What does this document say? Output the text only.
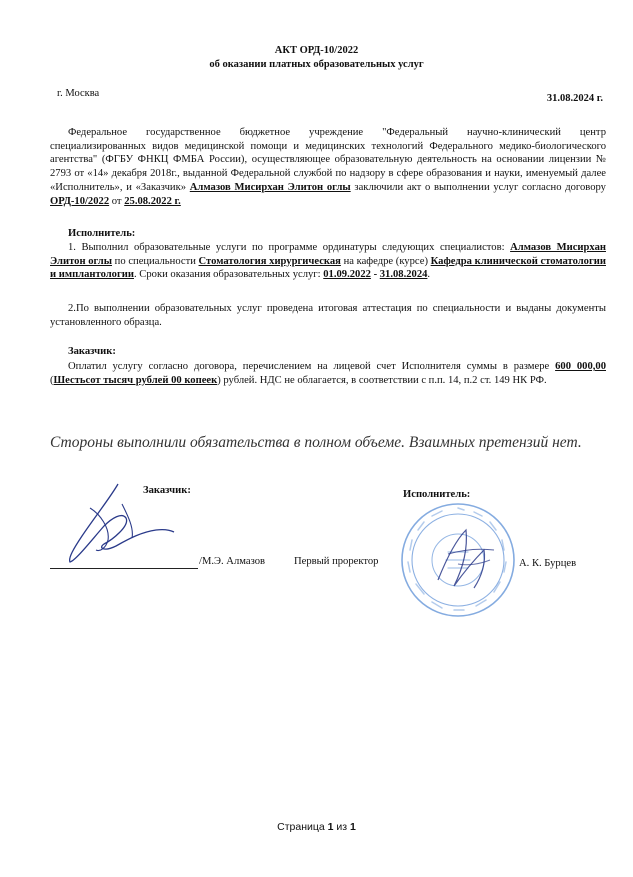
АКТ ОРД-10/2022
об оказании платных образовательных услуг
г. Москва	31.08.2024 г.
Федеральное государственное бюджетное учреждение "Федеральный научно-клинический центр специализированных видов медицинской помощи и медицинских технологий Федерального медико-биологического агентства" (ФГБУ ФНКЦ ФМБА России), осуществляющее образовательную деятельность на основании лицензии № 2793 от «14» декабря 2018г., выданной Федеральной службой по надзору в сфере образования и науки, именуемый далее «Исполнитель», и «Заказчик» Алмазов Мисирхан Элитон оглы заключили акт о выполнении услуг согласно договору ОРД-10/2022 от 25.08.2022 г.
Исполнитель:
1. Выполнил образовательные услуги по программе ординатуры следующих специалистов: Алмазов Мисирхан Элитон оглы по специальности Стоматология хирургическая на кафедре (курсе) Кафедра клинической стоматологии и имплантологии. Сроки оказания образовательных услуг: 01.09.2022 - 31.08.2024.
2.По выполнении образовательных услуг проведена итоговая аттестация по специальности и выданы документы установленного образца.
Заказчик:
Оплатил услугу согласно договора, перечислением на лицевой счет Исполнителя суммы в размере 600 000,00 (Шестьсот тысяч рублей 00 копеек) рублей. НДС не облагается, в соответствии с п.п. 14, п.2 ст. 149 НК РФ.
Стороны выполнили обязательства в полном объеме. Взаимных претензий нет.
Заказчик:	Исполнитель:
/М.Э. Алмазов	Первый проректор	А. К. Бурцев
Страница 1 из 1
